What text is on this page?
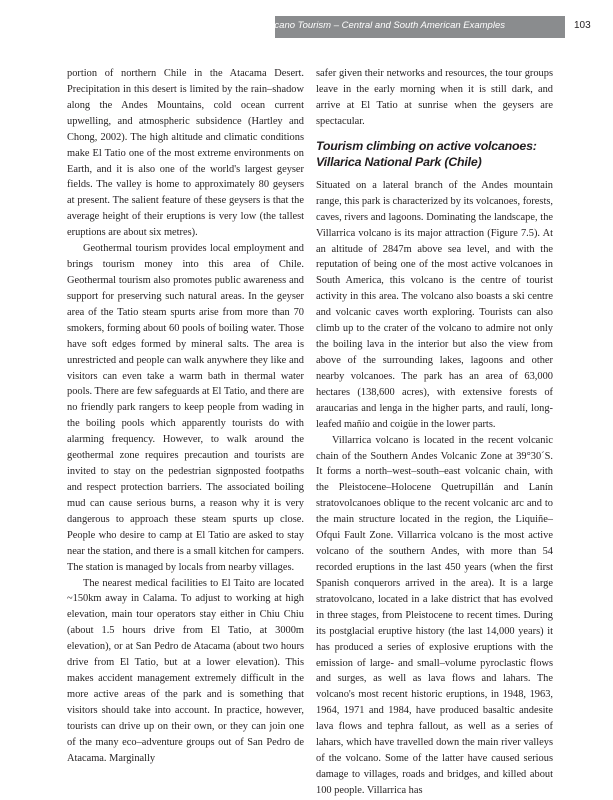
Volcano Tourism – Central and South American Examples	103

portion of northern Chile in the Atacama Desert. Precipitation in this desert is limited by the rain–shadow along the Andes Mountains, cold ocean current upwelling, and atmospheric subsidence (Hartley and Chong, 2002). The high altitude and climatic conditions make El Tatio one of the most extreme environments on Earth, and it is also one of the world's largest geyser fields. The valley is home to approximately 80 geysers at present. The salient feature of these geysers is that the average height of their eruptions is very low (the tallest eruptions are about six metres).

Geothermal tourism provides local employment and brings tourism money into this area of Chile. Geothermal tourism also promotes public awareness and support for preserving such natural areas. In the geyser area of the Tatio steam spurts arise from more than 70 smokers, forming about 60 pools of boiling water. Those have soft edges formed by mineral salts. The area is unrestricted and people can walk anywhere they like and visitors can even take a warm bath in thermal water pools. There are few safeguards at El Tatio, and there are no friendly park rangers to keep people from wading in the boiling pools which apparently tourists do with alarming frequency. However, to walk around the geothermal zone requires precaution and tourists are invited to stay on the pedestrian signposted footpaths and respect protection barriers. The associated boiling mud can cause serious burns, a reason why it is very dangerous to approach these steam spurts up close. People who desire to camp at El Tatio are asked to stay near the station, and there is a small kitchen for campers. The station is managed by locals from nearby villages.

The nearest medical facilities to El Taito are located ~150km away in Calama. To adjust to working at high elevation, main tour operators stay either in Chiu Chiu (about 1.5 hours drive from El Tatio, at 3000m elevation), or at San Pedro de Atacama (about two hours drive from El Tatio, but at a lower elevation). This makes accident management extremely difficult in the more active areas of the park and is something that visitors should take into account. In practice, however, tourists can drive up on their own, or they can join one of the many eco–adventure groups out of San Pedro de Atacama. Marginally

safer given their networks and resources, the tour groups leave in the early morning when it is still dark, and arrive at El Tatio at sunrise when the geysers are spectacular.

Tourism climbing on active volcanoes:
Villarica National Park (Chile)

Situated on a lateral branch of the Andes mountain range, this park is characterized by its volcanoes, forests, caves, rivers and lagoons. Dominating the landscape, the Villarrica volcano is its major attraction (Figure 7.5). At an altitude of 2847m above sea level, and with the reputation of being one of the most active volcanoes in South America, this volcano is the centre of tourist activity in this area. The volcano also boasts a ski centre and volcanic caves worth exploring. Tourists can also climb up to the crater of the volcano to admire not only the boiling lava in the interior but also the view from above of the surrounding lakes, lagoons and other nearby volcanoes. The park has an area of 63,000 hectares (138,600 acres), with extensive forests of araucarias and lenga in the higher parts, and raulí, long-leafed mañío and coigüe in the lower parts.

Villarrica volcano is located in the recent volcanic chain of the Southern Andes Volcanic Zone at 39°30´S. It forms a north–west–south–east volcanic chain, with the Pleistocene–Holocene Quetrupillán and Lanín stratovolcanoes oblique to the recent volcanic arc and to the main structure located in the region, the Liquiñe–Ofqui Fault Zone. Villarrica volcano is the most active volcano of the southern Andes, with more than 54 recorded eruptions in the last 450 years (when the first Spanish conquerors arrived in the area). It is a large stratovolcano, located in a lake district that has evolved in three stages, from Pleistocene to recent times. During its postglacial eruptive history (the last 14,000 years) it has produced a series of explosive eruptions with the emission of large- and small–volume pyroclastic flows and surges, as well as lava flows and lahars. The volcano's most recent historic eruptions, in 1948, 1963, 1964, 1971 and 1984, have produced basaltic andesite lava flows and tephra fallout, as well as a series of lahars, which have travelled down the main river valleys of the volcano. Some of the latter have caused serious damage to villages, roads and bridges, and killed about 100 people. Villarrica has
